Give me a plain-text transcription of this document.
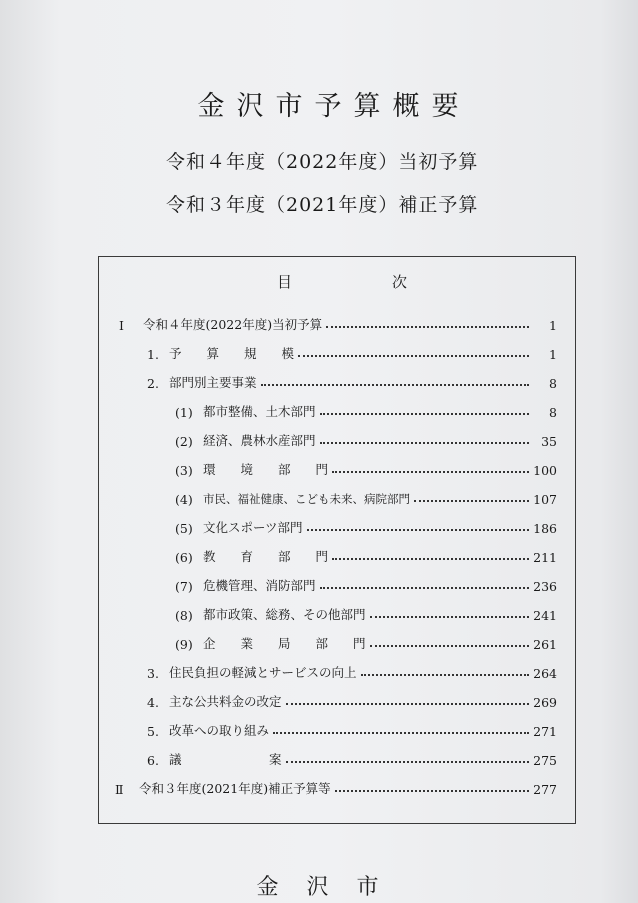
金沢市予算概要
令和４年度（2022年度）当初予算
令和３年度（2021年度）補正予算
目	次
Ⅰ	令和４年度(2022年度)当初予算	1
1. 予　　算　　規　　模	1
2. 部門別主要事業	8
(1) 都市整備、土木部門	8
(2) 経済、農林水産部門	35
(3) 環　　境　　部　　門	100
(4) 市民、福祉健康、こども未来、病院部門	107
(5) 文化スポーツ部門	186
(6) 教　　育　　部　　門	211
(7) 危機管理、消防部門	236
(8) 都市政策、総務、その他部門	241
(9) 企　　業　　局　　部　　門	261
3. 住民負担の軽減とサービスの向上	264
4. 主な公共料金の改定	269
5. 改革への取り組み	271
6. 議　　　　　　　案	275
Ⅱ	令和３年度(2021年度)補正予算等	277
金沢市
